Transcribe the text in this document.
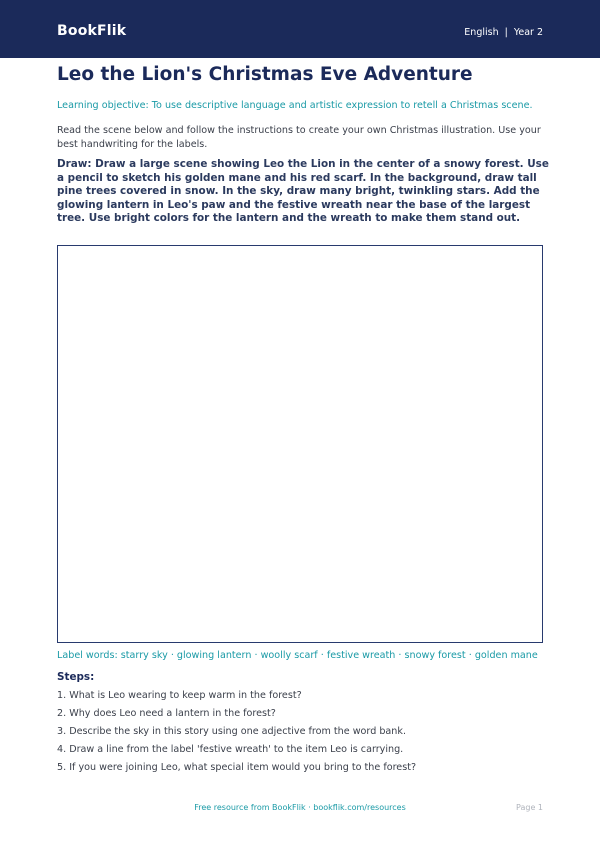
BookFlik	English | Year 2
Leo the Lion's Christmas Eve Adventure
Learning objective: To use descriptive language and artistic expression to retell a Christmas scene.
Read the scene below and follow the instructions to create your own Christmas illustration. Use your best handwriting for the labels.
Draw: Draw a large scene showing Leo the Lion in the center of a snowy forest. Use a pencil to sketch his golden mane and his red scarf. In the background, draw tall pine trees covered in snow. In the sky, draw many bright, twinkling stars. Add the glowing lantern in Leo's paw and the festive wreath near the base of the largest tree. Use bright colors for the lantern and the wreath to make them stand out.
Label words: starry sky · glowing lantern · woolly scarf · festive wreath · snowy forest · golden mane
Steps:
1. What is Leo wearing to keep warm in the forest?
2. Why does Leo need a lantern in the forest?
3. Describe the sky in this story using one adjective from the word bank.
4. Draw a line from the label 'festive wreath' to the item Leo is carrying.
5. If you were joining Leo, what special item would you bring to the forest?
Free resource from BookFlik · bookflik.com/resources	Page 1
